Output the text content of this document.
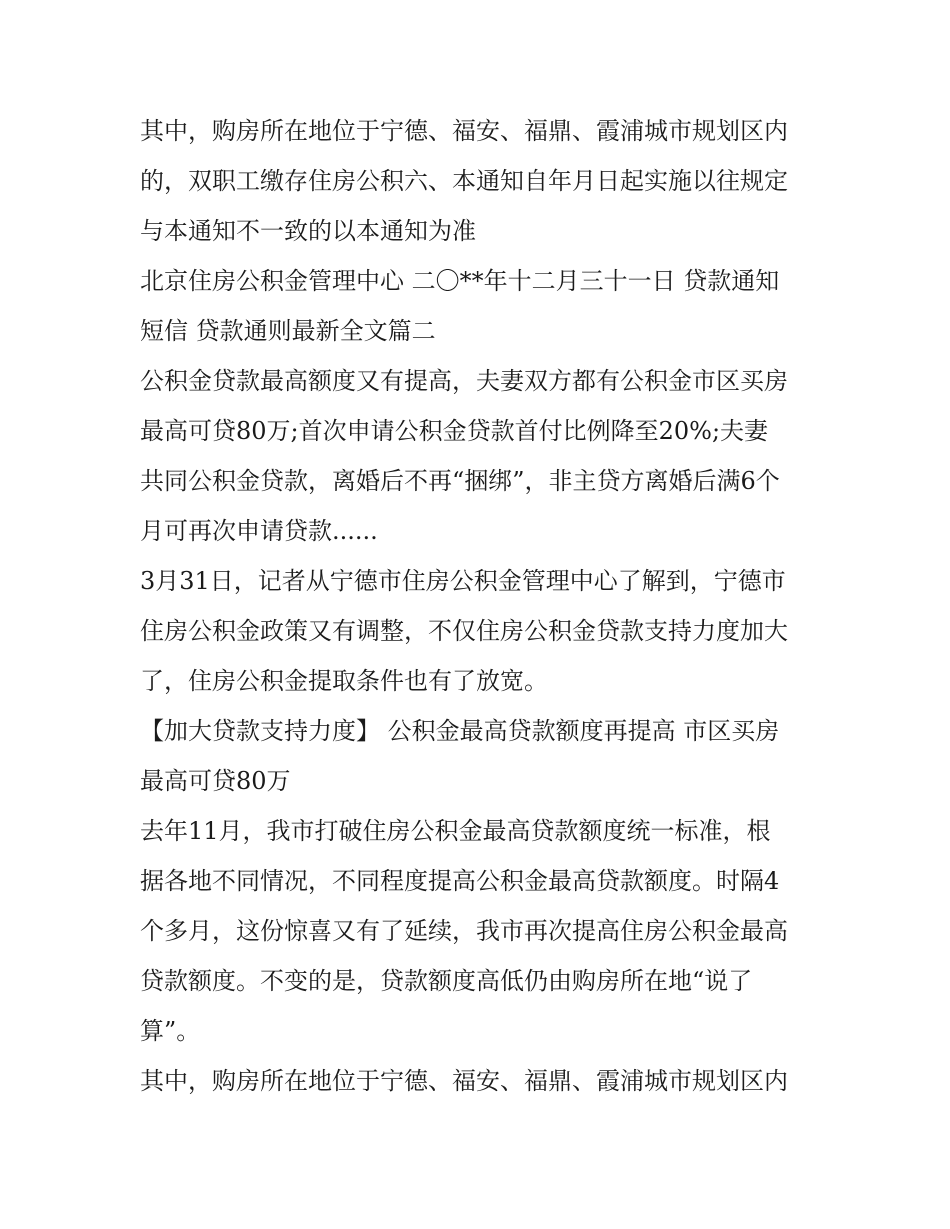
其中，购房所在地位于宁德、福安、福鼎、霞浦城市规划区内
的，双职工缴存住房公积六、本通知自年月日起实施以往规定
与本通知不一致的以本通知为准

北京住房公积金管理中心 二〇**年十二月三十一日 贷款通知
短信 贷款通则最新全文篇二

公积金贷款最高额度又有提高，夫妻双方都有公积金市区买房
最高可贷80万;首次申请公积金贷款首付比例降至20%;夫妻
共同公积金贷款，离婚后不再“捆绑”，非主贷方离婚后满6个
月可再次申请贷款......

3月31日，记者从宁德市住房公积金管理中心了解到，宁德市
住房公积金政策又有调整，不仅住房公积金贷款支持力度加大
了，住房公积金提取条件也有了放宽。

【加大贷款支持力度】 公积金最高贷款额度再提高 市区买房
最高可贷80万

去年11月，我市打破住房公积金最高贷款额度统一标准，根
据各地不同情况，不同程度提高公积金最高贷款额度。时隔4
个多月，这份惊喜又有了延续，我市再次提高住房公积金最高
贷款额度。不变的是，贷款额度高低仍由购房所在地“说了
算”。

其中，购房所在地位于宁德、福安、福鼎、霞浦城市规划区内
